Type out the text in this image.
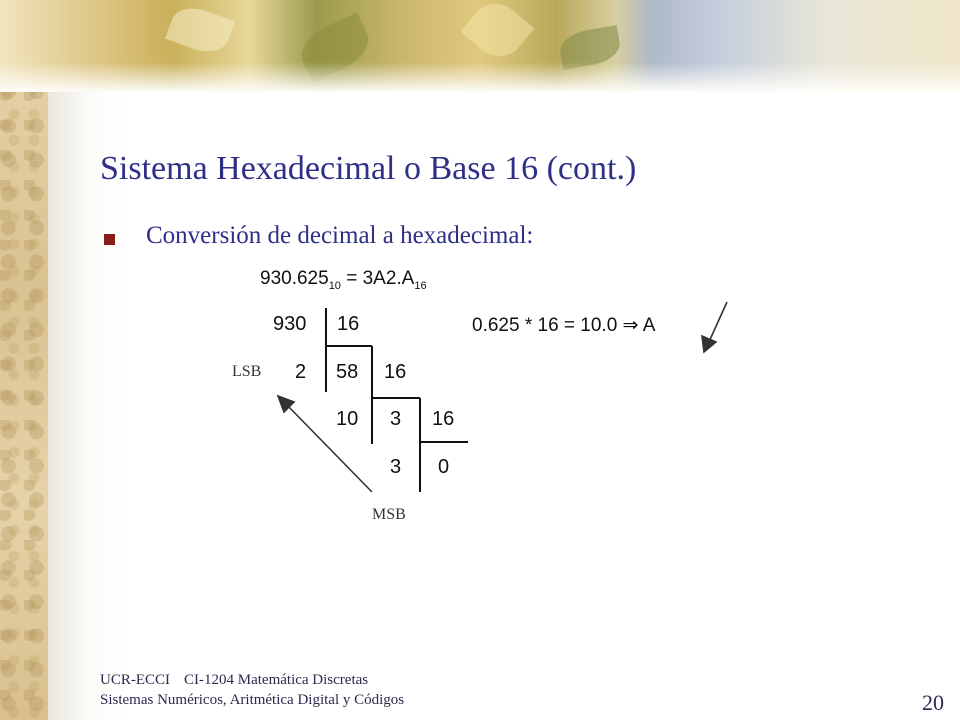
Sistema Hexadecimal o Base 16 (cont.)
Conversión de decimal a hexadecimal:
$930.625_{10} = 3A2.A_{16}$
930 16
2 58 16
10 3 16
3 0
0.625 * 16 = 10.0 ⇒ A
LSB
MSB
UCR-ECCI CI-1204 Matemática Discretas
Sistemas Numéricos, Aritmética Digital y Códigos	20
